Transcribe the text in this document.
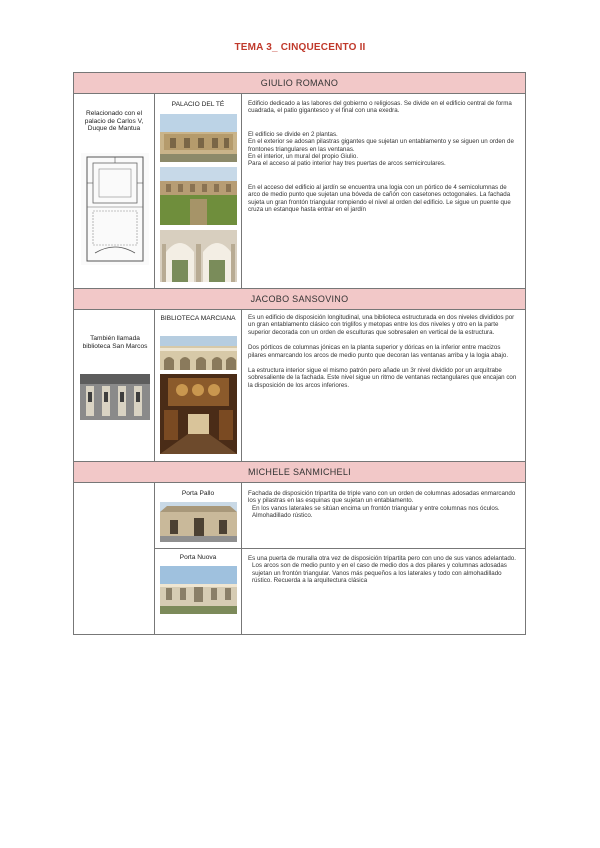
TEMA 3_ CINQUECENTO II
GIULIO ROMANO
Relacionado con el palacio de Carlos V, Duque de Mantua
PALACIO DEL TÉ	Edificio dedicado a las labores del gobierno o religiosas. Se divide en el edificio central de forma cuadrada, el patio gigantesco y el final con una exedra.

El edificio se divide en 2 plantas.
En el exterior se adosan pilastras gigantes que sujetan un entablamento y se siguen un orden de frontones triangulares en las ventanas.
En el interior, un mural del propio Giulio.
Para el acceso al patio interior hay tres puertas de arcos semicirculares.

En el acceso del edificio al jardín se encuentra una logia con un pórtico de 4 semicolumnas de arco de medio punto que sujetan una bóveda de cañón con casetones octogonales. La fachada sujeta un gran frontón triangular rompiendo el nivel al orden del edificio. Le sigue un puente que cruza un estanque hasta entrar en el jardín

JACOBO SANSOVINO
También llamada biblioteca San Marcos
BIBLIOTECA MARCIANA	Es un edificio de disposición longitudinal, una biblioteca estructurada en dos niveles divididos por un gran entablamento clásico con triglifos y metopas entre los dos niveles y otro en la parte superior decorada con un orden de esculturas que sobresalen en vertical de la estructura.

Dos pórticos de columnas jónicas en la planta superior y dóricas en la inferior entre macizos pilares enmarcando los arcos de medio punto que decoran las ventanas arriba y la logia abajo.

La estructura interior sigue el mismo patrón pero añade un 3r nivel dividido por un arquitrabe sobresaliente de la fachada. Este nivel sigue un ritmo de ventanas rectangulares que encajan con la disposición de los arcos inferiores.

MICHELE SANMICHELI
Porta Pallo	Fachada de disposición tripartita de triple vano con un orden de columnas adosadas enmarcando los y pilastras en las esquinas que sujetan un entablamento.

En los vanos laterales se sitúan encima un frontón triangular y entre columnas nos óculos. Almohadillado rústico.

Porta Nuova	Es una puerta de muralla otra vez de disposición tripartita pero con uno de sus vanos adelantado.

Los arcos son de medio punto y en el caso de medio dos a dos pilares y columnas adosadas sujetan un frontón triangular. Vanos más pequeños a los laterales y todo con almohadillado rústico. Recuerda a la arquitectura clásica
